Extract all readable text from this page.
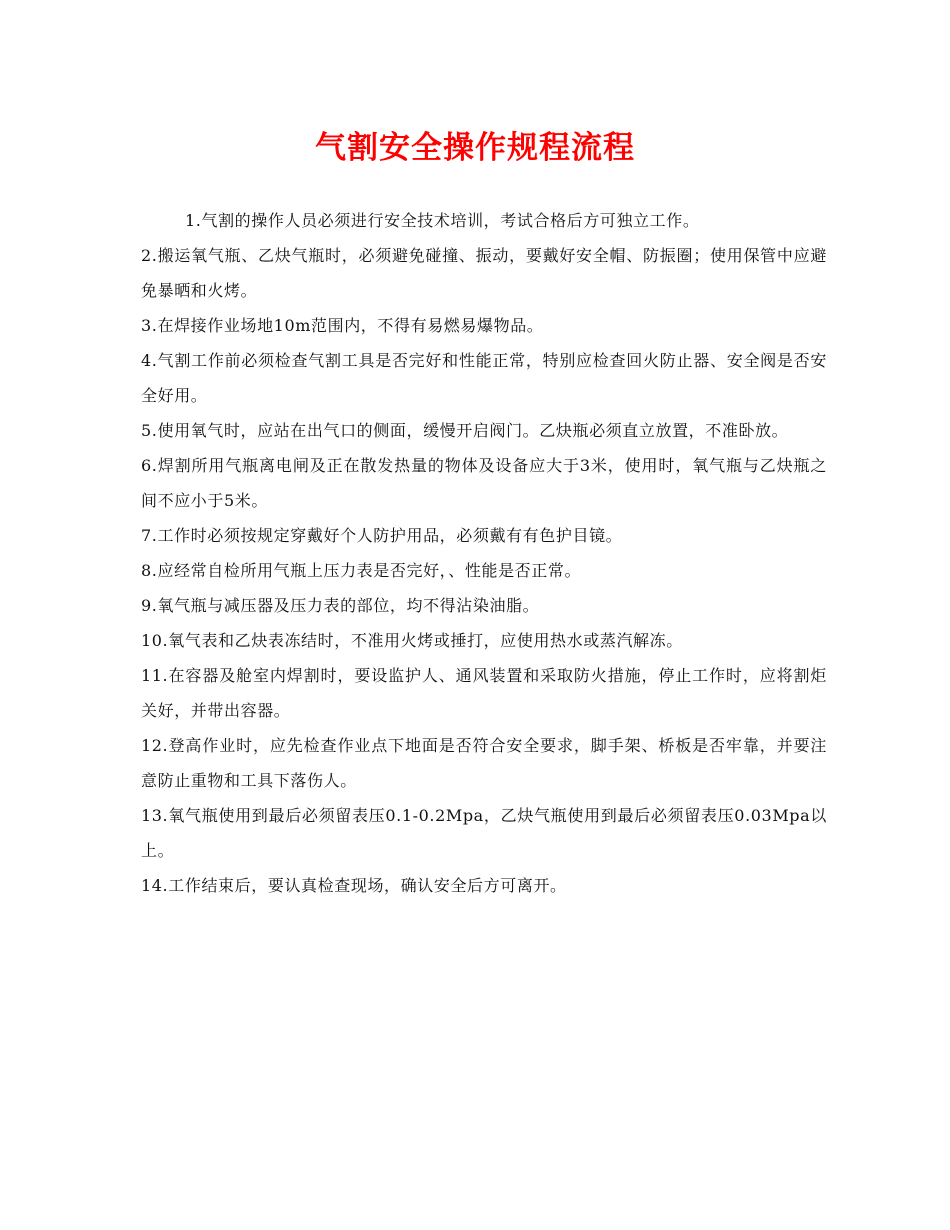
气割安全操作规程流程

1.气割的操作人员必须进行安全技术培训，考试合格后方可独立工作。

2.搬运氧气瓶、乙炔气瓶时，必须避免碰撞、振动，要戴好安全帽、防振圈；使用保管中应避免暴晒和火烤。

3.在焊接作业场地10m范围内，不得有易燃易爆物品。

4.气割工作前必须检查气割工具是否完好和性能正常，特别应检查回火防止器、安全阀是否安全好用。

5.使用氧气时，应站在出气口的侧面，缓慢开启阀门。乙炔瓶必须直立放置，不准卧放。

6.焊割所用气瓶离电闸及正在散发热量的物体及设备应大于3米，使用时，氧气瓶与乙炔瓶之间不应小于5米。

7.工作时必须按规定穿戴好个人防护用品，必须戴有有色护目镜。

8.应经常自检所用气瓶上压力表是否完好，、性能是否正常。

9.氧气瓶与减压器及压力表的部位，均不得沾染油脂。

10.氧气表和乙炔表冻结时，不准用火烤或捶打，应使用热水或蒸汽解冻。

11.在容器及舱室内焊割时，要设监护人、通风装置和采取防火措施，停止工作时，应将割炬关好，并带出容器。

12.登高作业时，应先检查作业点下地面是否符合安全要求，脚手架、桥板是否牢靠，并要注意防止重物和工具下落伤人。

13.氧气瓶使用到最后必须留表压0.1-0.2Mpa，乙炔气瓶使用到最后必须留表压0.03Mpa以上。

14.工作结束后，要认真检查现场，确认安全后方可离开。
